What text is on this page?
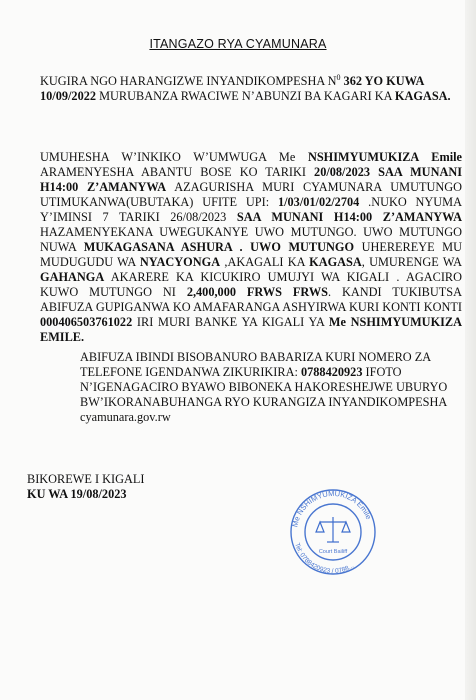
ITANGAZO RYA CYAMUNARA

KUGIRA NGO HARANGIZWE INYANDIKOMPESHA $N^0$ 362 YO KUWA 10/09/2022 MURUBANZA RWACIWE N’ABUNZI BA KAGARI KA KAGASA.

UMUHESHA W’INKIKO W’UMWUGA Me NSHIMYUMUKIZA Emile ARAMENYESHA ABANTU BOSE KO TARIKI 20/08/2023 SAA MUNANI H14:00 Z’AMANYWA AZAGURISHA MURI CYAMUNARA UMUTUNGO UTIMUKANWA(UBUTAKA) UFITE UPI: 1/03/01/02/2704 .NUKO NYUMA Y’IMINSI 7 TARIKI 26/08/2023 SAA MUNANI H14:00 Z’AMANYWA HAZAMENYEKANA UWEGUKANYE UWO MUTUNGO. UWO MUTUNGO NUWA MUKAGASANA ASHURA . UWO MUTUNGO UHEREREYE MU MUDUGUDU WA NYACYONGA ,AKAGALI KA KAGASA, UMURENGE WA GAHANGA AKARERE KA KICUKIRO UMUJYI WA KIGALI . AGACIRO KUWO MUTUNGO NI 2,400,000 FRWS FRWS. KANDI TUKIBUTSA ABIFUZA GUPIGANWA KO AMAFARANGA ASHYIRWA KURI KONTI KONTI 000406503761022 IRI MURI BANKE YA KIGALI YA Me NSHIMYUMUKIZA EMILE.

ABIFUZA IBINDI BISOBANURO BABARIZA KURI NOMERO ZA TELEFONE IGENDANWA ZIKURIKIRA: 0788420923 IFOTO N’IGENAGACIRO BYAWO BIBONEKA HAKORESHEJWE UBURYO BW’IKORANABUHANGA RYO KURANGIZA INYANDIKOMPESHA cyamunara.gov.rw

BIKOREWE I KIGALI

KU WA 19/08/2023

Me NSHIMYUMUKIZA Emile
Tel: 0788420923 / 0788...
Court Bailiff
